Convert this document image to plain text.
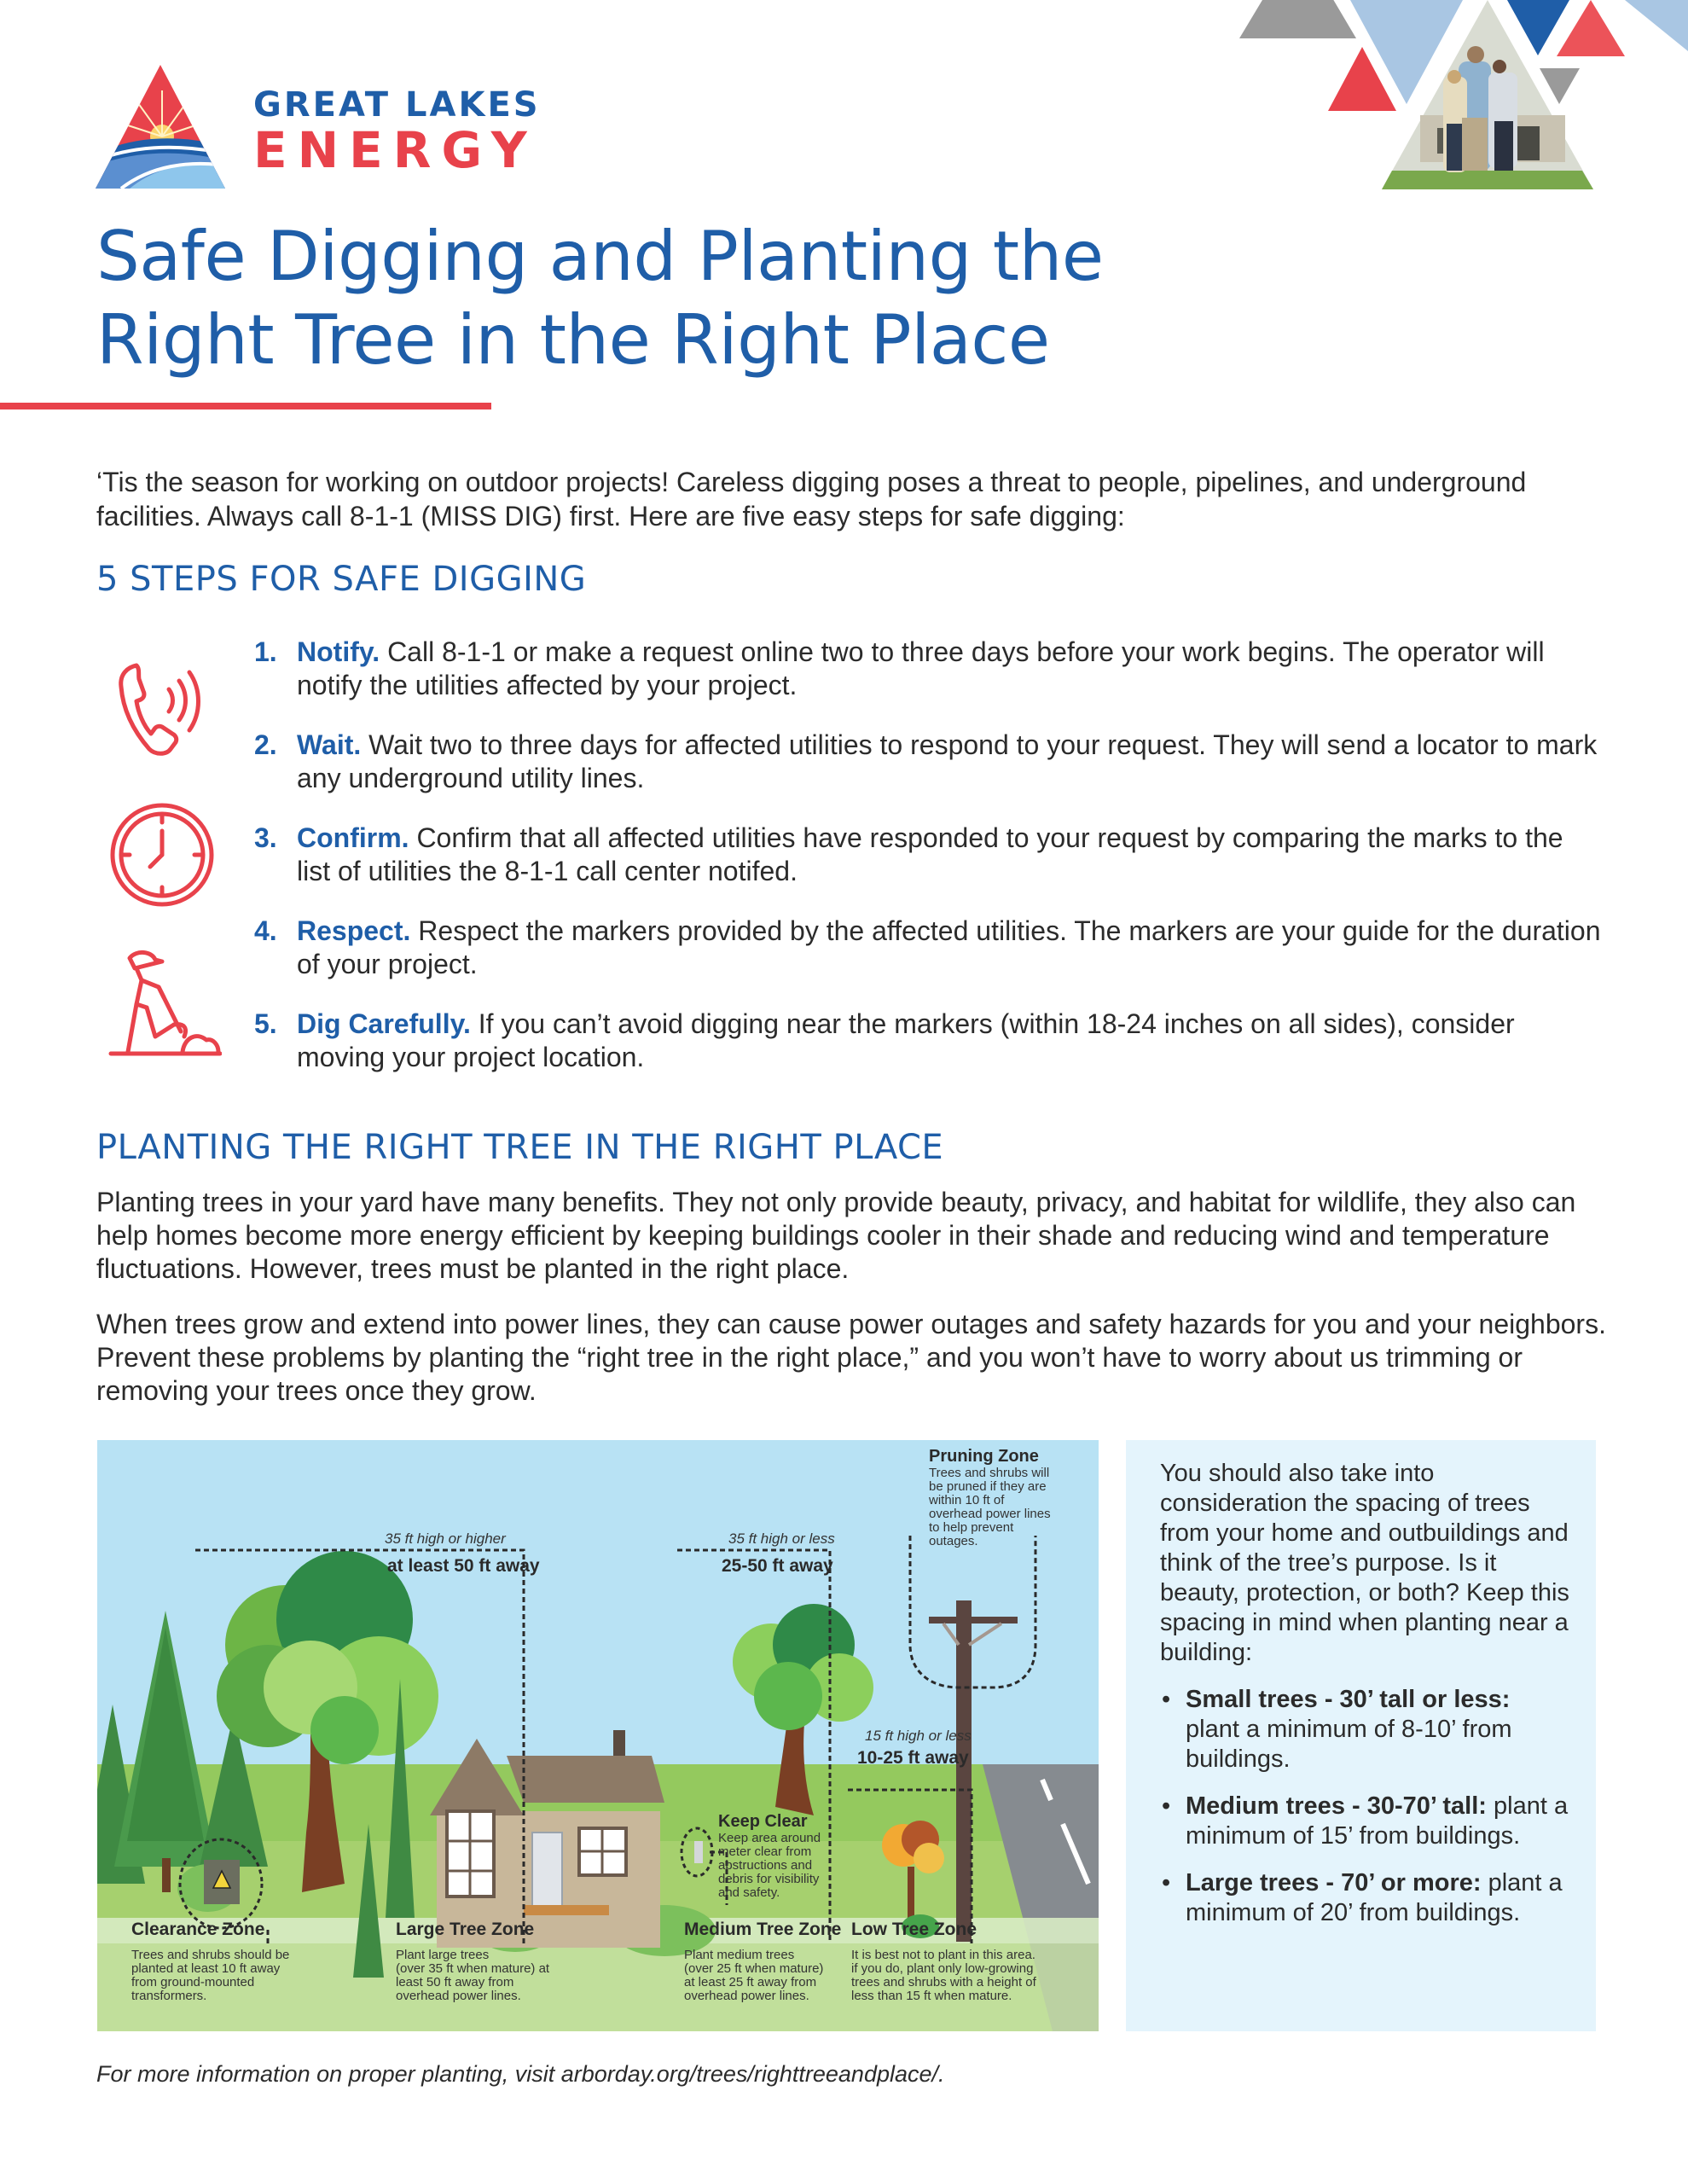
GREAT LAKES
ENERGY
Safe Digging and Planting the
Right Tree in the Right Place

‘Tis the season for working on outdoor projects! Careless digging poses a threat to people, pipelines, and underground facilities. Always call 8-1-1 (MISS DIG) first. Here are five easy steps for safe digging:

5 STEPS FOR SAFE DIGGING
1. Notify. Call 8-1-1 or make a request online two to three days before your work begins. The operator will notify the utilities affected by your project.
2. Wait. Wait two to three days for affected utilities to respond to your request. They will send a locator to mark any underground utility lines.
3. Confirm. Confirm that all affected utilities have responded to your request by comparing the marks to the list of utilities the 8-1-1 call center notifed.
4. Respect. Respect the markers provided by the affected utilities. The markers are your guide for the duration of your project.
5. Dig Carefully. If you can’t avoid digging near the markers (within 18-24 inches on all sides), consider moving your project location.
PLANTING THE RIGHT TREE IN THE RIGHT PLACE

Planting trees in your yard have many benefits. They not only provide beauty, privacy, and habitat for wildlife, they also can help homes become more energy efficient by keeping buildings cooler in their shade and reducing wind and temperature fluctuations. However, trees must be planted in the right place.

When trees grow and extend into power lines, they can cause power outages and safety hazards for you and your neighbors. Prevent these problems by planting the “right tree in the right place,” and you won’t have to worry about us trimming or removing your trees once they grow.

35 ft high or higher
at least 50 ft away
35 ft high or less
25-50 ft away
15 ft high or less
10-25 ft away
Pruning Zone
Trees and shrubs will
be pruned if they are
within 10 ft of
overhead power lines
to help prevent
outages.
Keep Clear
Keep area around
meter clear from
abstructions and
debris for visibility
and safety.
Clearance Zone
Trees and shrubs should be
planted at least 10 ft away
from ground-mounted
transformers.
Large Tree Zone
Plant large trees
(over 35 ft when mature) at
least 50 ft away from
overhead power lines.
Medium Tree Zone
Plant medium trees
(over 25 ft when mature)
at least 25 ft away from
overhead power lines.
Low Tree Zone
It is best not to plant in this area.
if you do, plant only low-growing
trees and shrubs with a height of
less than 15 ft when mature.

You should also take into consideration the spacing of trees from your home and outbuildings and think of the tree’s purpose. Is it beauty, protection, or both? Keep this spacing in mind when planting near a building:

• Small trees - 30’ tall or less: plant a minimum of 8-10’ from buildings.
• Medium trees - 30-70’ tall: plant a minimum of 15’ from buildings.
• Large trees - 70’ or more: plant a minimum of 20’ from buildings.

For more information on proper planting, visit arborday.org/trees/righttreeandplace/.
